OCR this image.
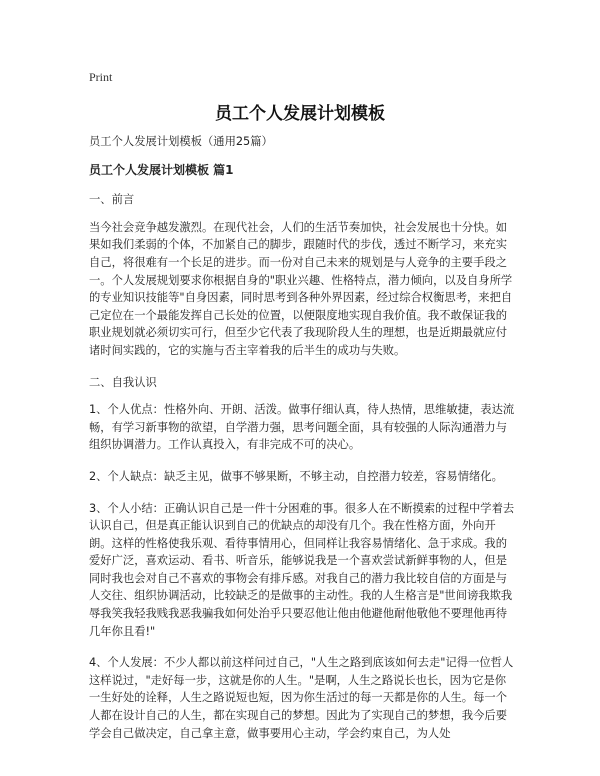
Print
员工个人发展计划模板

员工个人发展计划模板（通用25篇）

员工个人发展计划模板 篇1

一、前言

当今社会竞争越发激烈。在现代社会，人们的生活节奏加快，社会发展也十分快。如果如我们柔弱的个体，不加紧自己的脚步，跟随时代的步伐，透过不断学习，来充实自己，将很难有一个长足的进步。而一份对自己未来的规划是与人竞争的主要手段之一。个人发展规划要求你根据自身的"职业兴趣、性格特点，潜力倾向，以及自身所学的专业知识技能等"自身因素，同时思考到各种外界因素，经过综合权衡思考，来把自己定位在一个最能发挥自己长处的位置，以便限度地实现自我价值。我不敢保证我的职业规划就必须切实可行，但至少它代表了我现阶段人生的理想，也是近期最就应付诸时间实践的，它的实施与否主宰着我的后半生的成功与失败。

二、自我认识

1、个人优点：性格外向、开朗、活泼。做事仔细认真，待人热情，思维敏捷，表达流畅，有学习新事物的欲望，自学潜力强，思考问题全面，具有较强的人际沟通潜力与组织协调潜力。工作认真投入，有非完成不可的决心。

2、个人缺点：缺乏主见，做事不够果断，不够主动，自控潜力较差，容易情绪化。

3、个人小结：正确认识自己是一件十分困难的事。很多人在不断摸索的过程中学着去认识自己，但是真正能认识到自己的优缺点的却没有几个。我在性格方面，外向开朗。这样的性格使我乐观、看待事情用心，但同样让我容易情绪化、急于求成。我的爱好广泛，喜欢运动、看书、听音乐，能够说我是一个喜欢尝试新鲜事物的人，但是同时我也会对自己不喜欢的事物会有排斥感。对我自己的潜力我比较自信的方面是与人交往、组织协调活动，比较缺乏的是做事的主动性。我的人生格言是"世间谤我欺我辱我笑我轻我贱我恶我骗我如何处治乎只要忍他让他由他避他耐他敬他不要理他再待几年你且看!"

4、个人发展：不少人都以前这样问过自己，"人生之路到底该如何去走"记得一位哲人这样说过，"走好每一步，这就是你的人生。"是啊，人生之路说长也长，因为它是你一生好处的诠释，人生之路说短也短，因为你生活过的每一天都是你的人生。每一个人都在设计自己的人生，都在实现自己的梦想。因此为了实现自己的梦想，我今后要学会自己做决定，自己拿主意，做事要用心主动，学会约束自己，为人处
